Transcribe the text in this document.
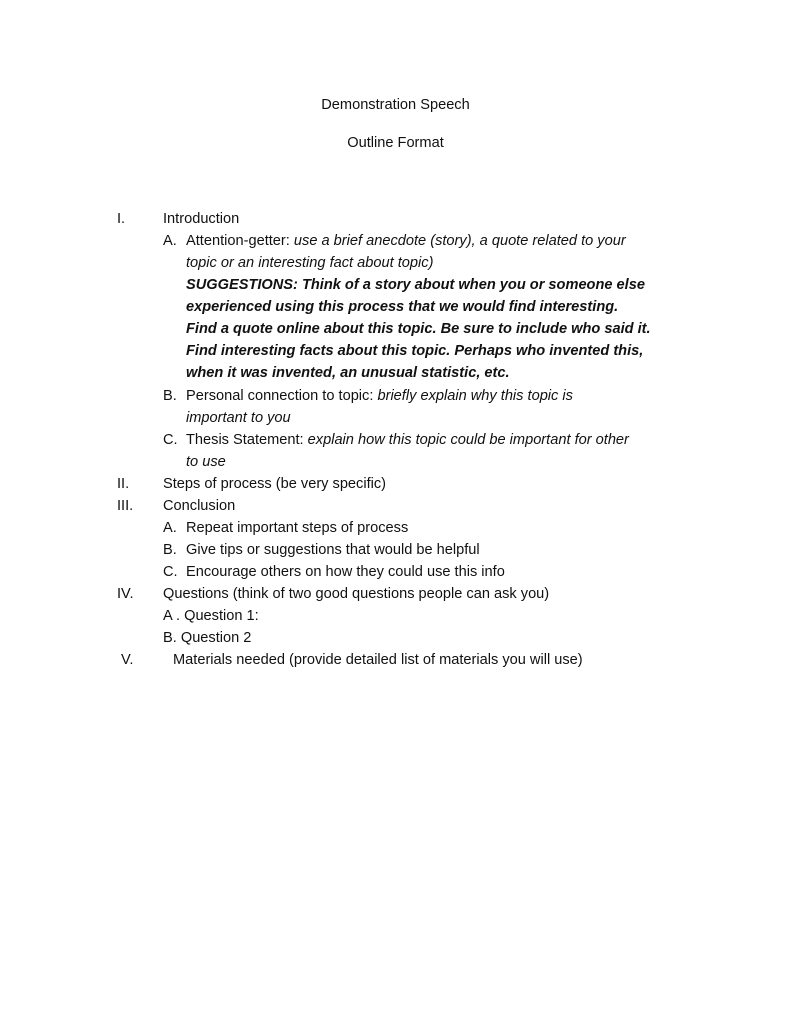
Demonstration Speech
Outline Format
I.	Introduction
A. Attention-getter: use a brief anecdote (story), a quote related to your
topic or an interesting fact about topic)
SUGGESTIONS: Think of a story about when you or someone else
experienced using this process that we would find interesting.
Find a quote online about this topic. Be sure to include who said it.
Find interesting facts about this topic. Perhaps who invented this,
when it was invented, an unusual statistic, etc.
B. Personal connection to topic: briefly explain why this topic is
important to you
C. Thesis Statement: explain how this topic could be important for other
to use
II. Steps of process (be very specific)
III. Conclusion
A. Repeat important steps of process
B. Give tips or suggestions that would be helpful
C. Encourage others on how they could use this info
IV. Questions (think of two good questions people can ask you)
A . Question 1:
B. Question 2
V.	Materials needed (provide detailed list of materials you will use)
